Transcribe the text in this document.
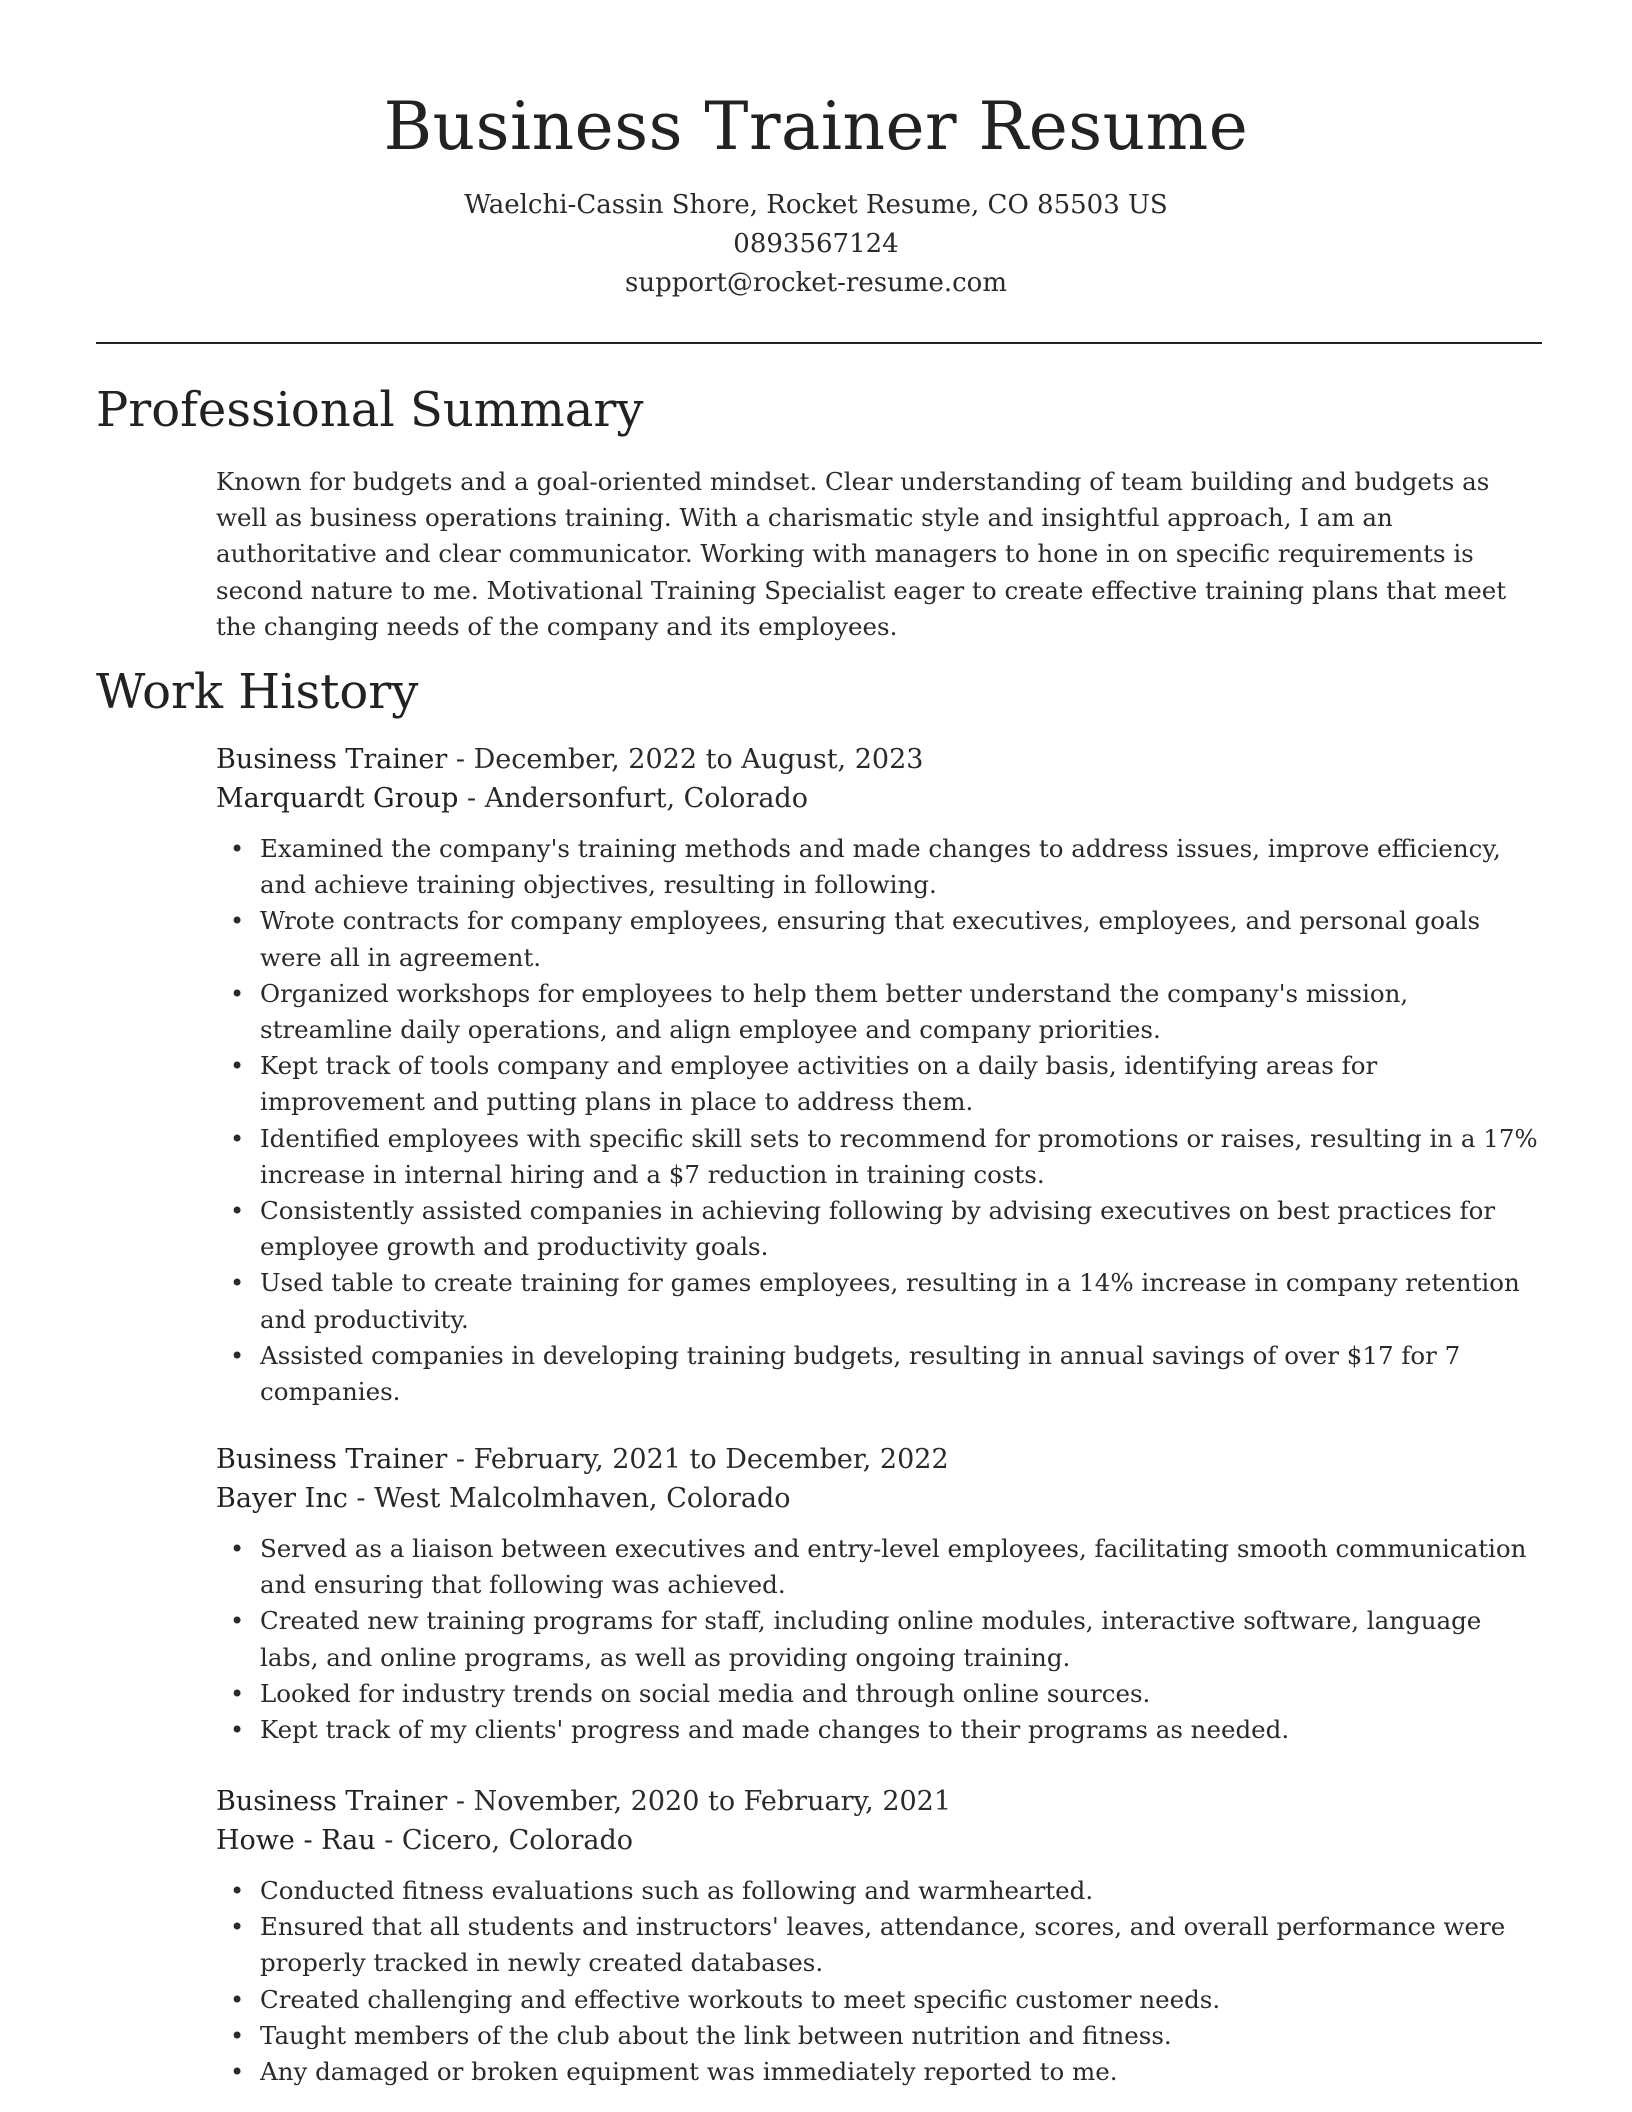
Business Trainer Resume
Waelchi-Cassin Shore, Rocket Resume, CO 85503 US
0893567124
support@rocket-resume.com
Professional Summary

Known for budgets and a goal-oriented mindset. Clear understanding of team building and budgets as well as business operations training. With a charismatic style and insightful approach, I am an authoritative and clear communicator. Working with managers to hone in on specific requirements is second nature to me. Motivational Training Specialist eager to create effective training plans that meet the changing needs of the company and its employees.

Work History
Business Trainer - December, 2022 to August, 2023
Marquardt Group - Andersonfurt, Colorado
• Examined the company's training methods and made changes to address issues, improve efficiency, and achieve training objectives, resulting in following.
• Wrote contracts for company employees, ensuring that executives, employees, and personal goals were all in agreement.
• Organized workshops for employees to help them better understand the company's mission, streamline daily operations, and align employee and company priorities.
• Kept track of tools company and employee activities on a daily basis, identifying areas for improvement and putting plans in place to address them.
• Identified employees with specific skill sets to recommend for promotions or raises, resulting in a 17% increase in internal hiring and a $7 reduction in training costs.
• Consistently assisted companies in achieving following by advising executives on best practices for employee growth and productivity goals.
• Used table to create training for games employees, resulting in a 14% increase in company retention and productivity.
• Assisted companies in developing training budgets, resulting in annual savings of over $17 for 7 companies.
Business Trainer - February, 2021 to December, 2022
Bayer Inc - West Malcolmhaven, Colorado
• Served as a liaison between executives and entry-level employees, facilitating smooth communication and ensuring that following was achieved.
• Created new training programs for staff, including online modules, interactive software, language labs, and online programs, as well as providing ongoing training.
• Looked for industry trends on social media and through online sources.
• Kept track of my clients' progress and made changes to their programs as needed.
Business Trainer - November, 2020 to February, 2021
Howe - Rau - Cicero, Colorado
• Conducted fitness evaluations such as following and warmhearted.
• Ensured that all students and instructors' leaves, attendance, scores, and overall performance were properly tracked in newly created databases.
• Created challenging and effective workouts to meet specific customer needs.
• Taught members of the club about the link between nutrition and fitness.
• Any damaged or broken equipment was immediately reported to me.
